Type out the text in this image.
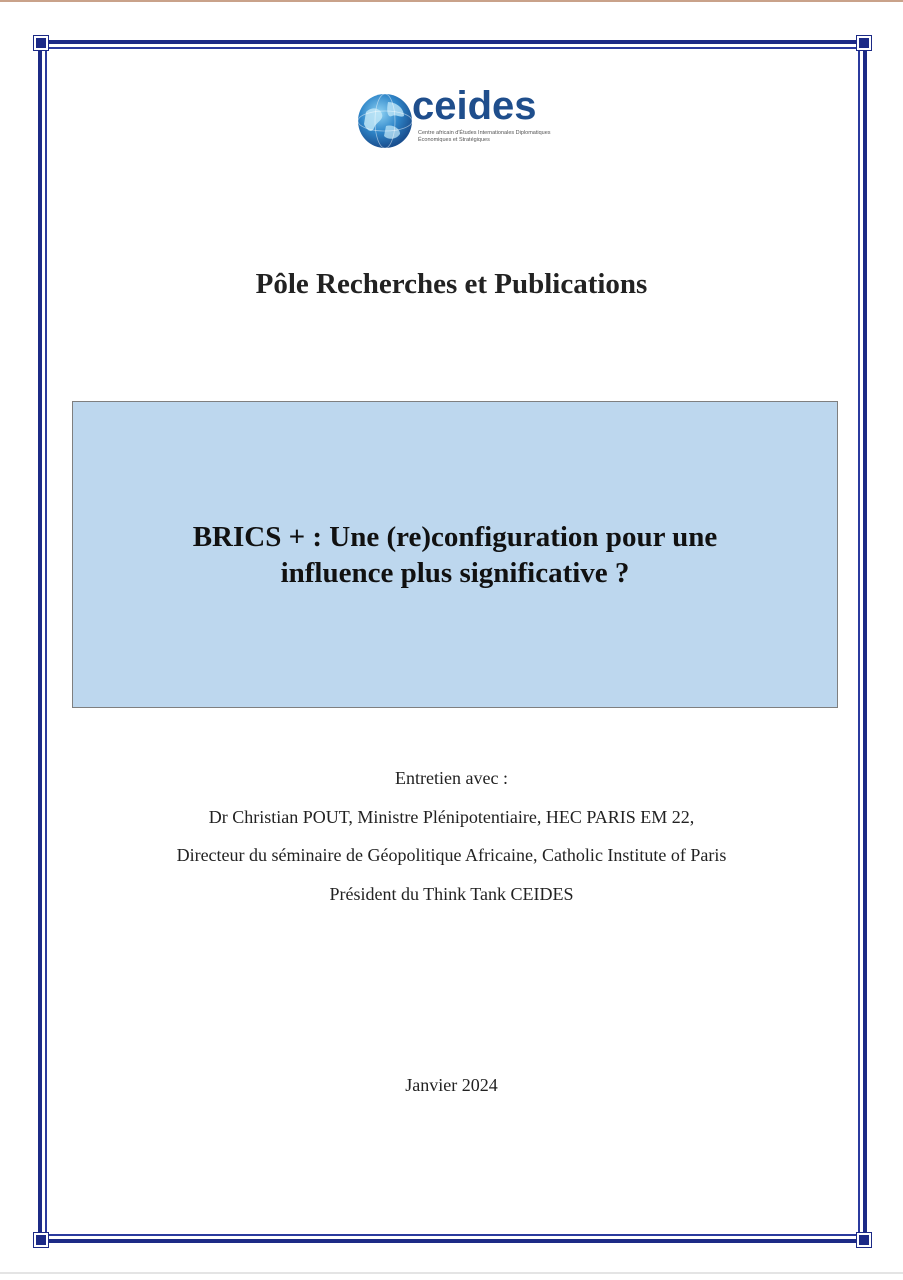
ceides
Centre africain d'Études Internationales Diplomatiques Économiques et Stratégiques
Pôle Recherches et Publications
BRICS + : Une (re)configuration pour une influence plus significative ?

Entretien avec :

Dr Christian POUT, Ministre Plénipotentiaire, HEC PARIS EM 22,

Directeur du séminaire de Géopolitique Africaine, Catholic Institute of Paris

Président du Think Tank CEIDES

Janvier 2024
